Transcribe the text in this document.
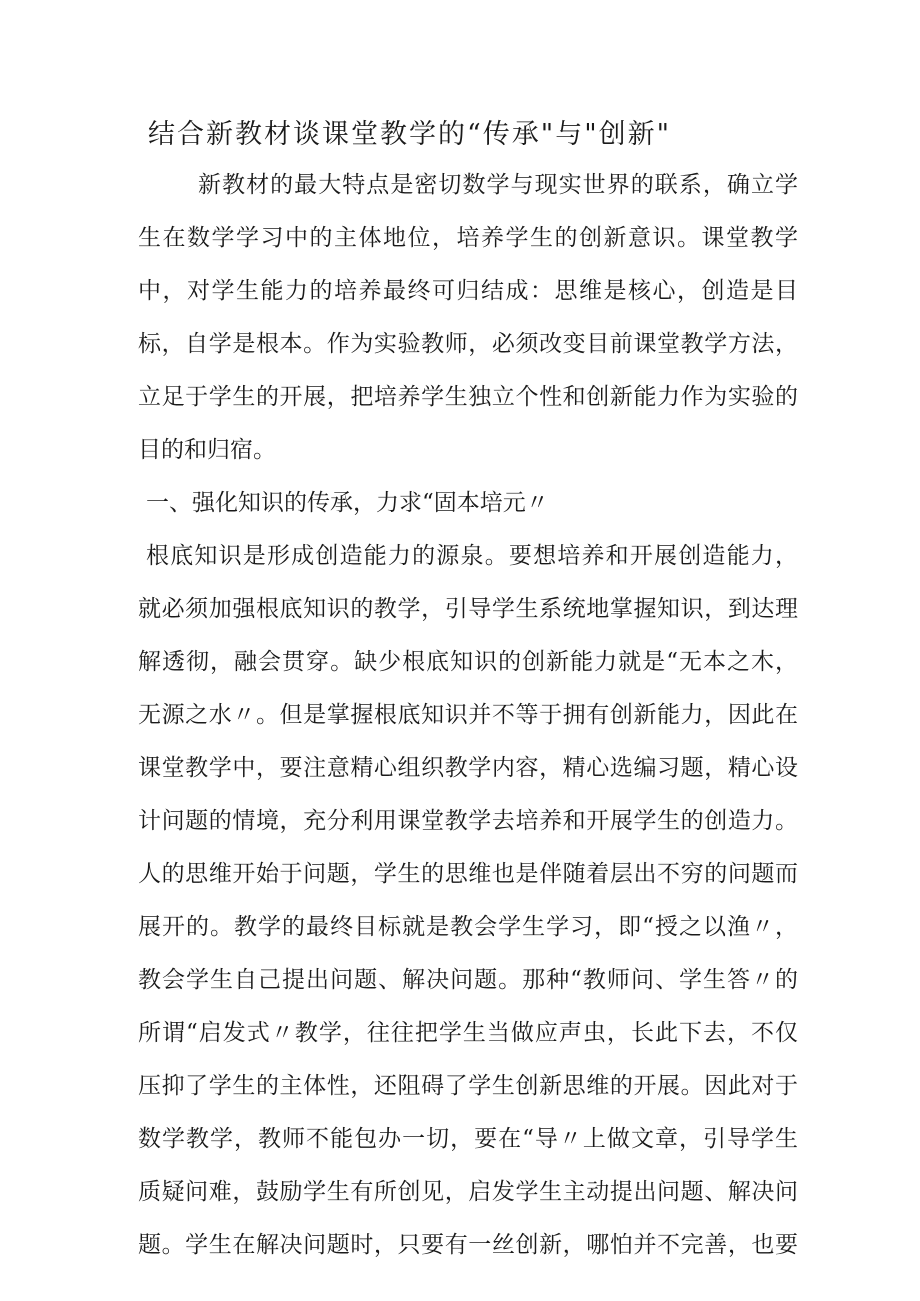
结合新教材谈课堂教学的“传承"与"创新"

新教材的最大特点是密切数学与现实世界的联系，确立学

生在数学学习中的主体地位，培养学生的创新意识。课堂教学

中，对学生能力的培养最终可归结成：思维是核心，创造是目

标，自学是根本。作为实验教师，必须改变目前课堂教学方法，

立足于学生的开展，把培养学生独立个性和创新能力作为实验的

目的和归宿。

一、强化知识的传承，力求“固本培元〃

根底知识是形成创造能力的源泉。要想培养和开展创造能力，

就必须加强根底知识的教学，引导学生系统地掌握知识，到达理

解透彻，融会贯穿。缺少根底知识的创新能力就是“无本之木，

无源之水〃。但是掌握根底知识并不等于拥有创新能力，因此在

课堂教学中，要注意精心组织教学内容，精心选编习题，精心设

计问题的情境，充分利用课堂教学去培养和开展学生的创造力。

人的思维开始于问题，学生的思维也是伴随着层出不穷的问题而

展开的。教学的最终目标就是教会学生学习，即“授之以渔〃，

教会学生自己提出问题、解决问题。那种“教师问、学生答〃的

所谓“启发式〃教学，往往把学生当做应声虫，长此下去，不仅

压抑了学生的主体性，还阻碍了学生创新思维的开展。因此对于

数学教学，教师不能包办一切，要在“导〃上做文章，引导学生

质疑问难，鼓励学生有所创见，启发学生主动提出问题、解决问

题。学生在解决问题时，只要有一丝创新，哪怕并不完善，也要
